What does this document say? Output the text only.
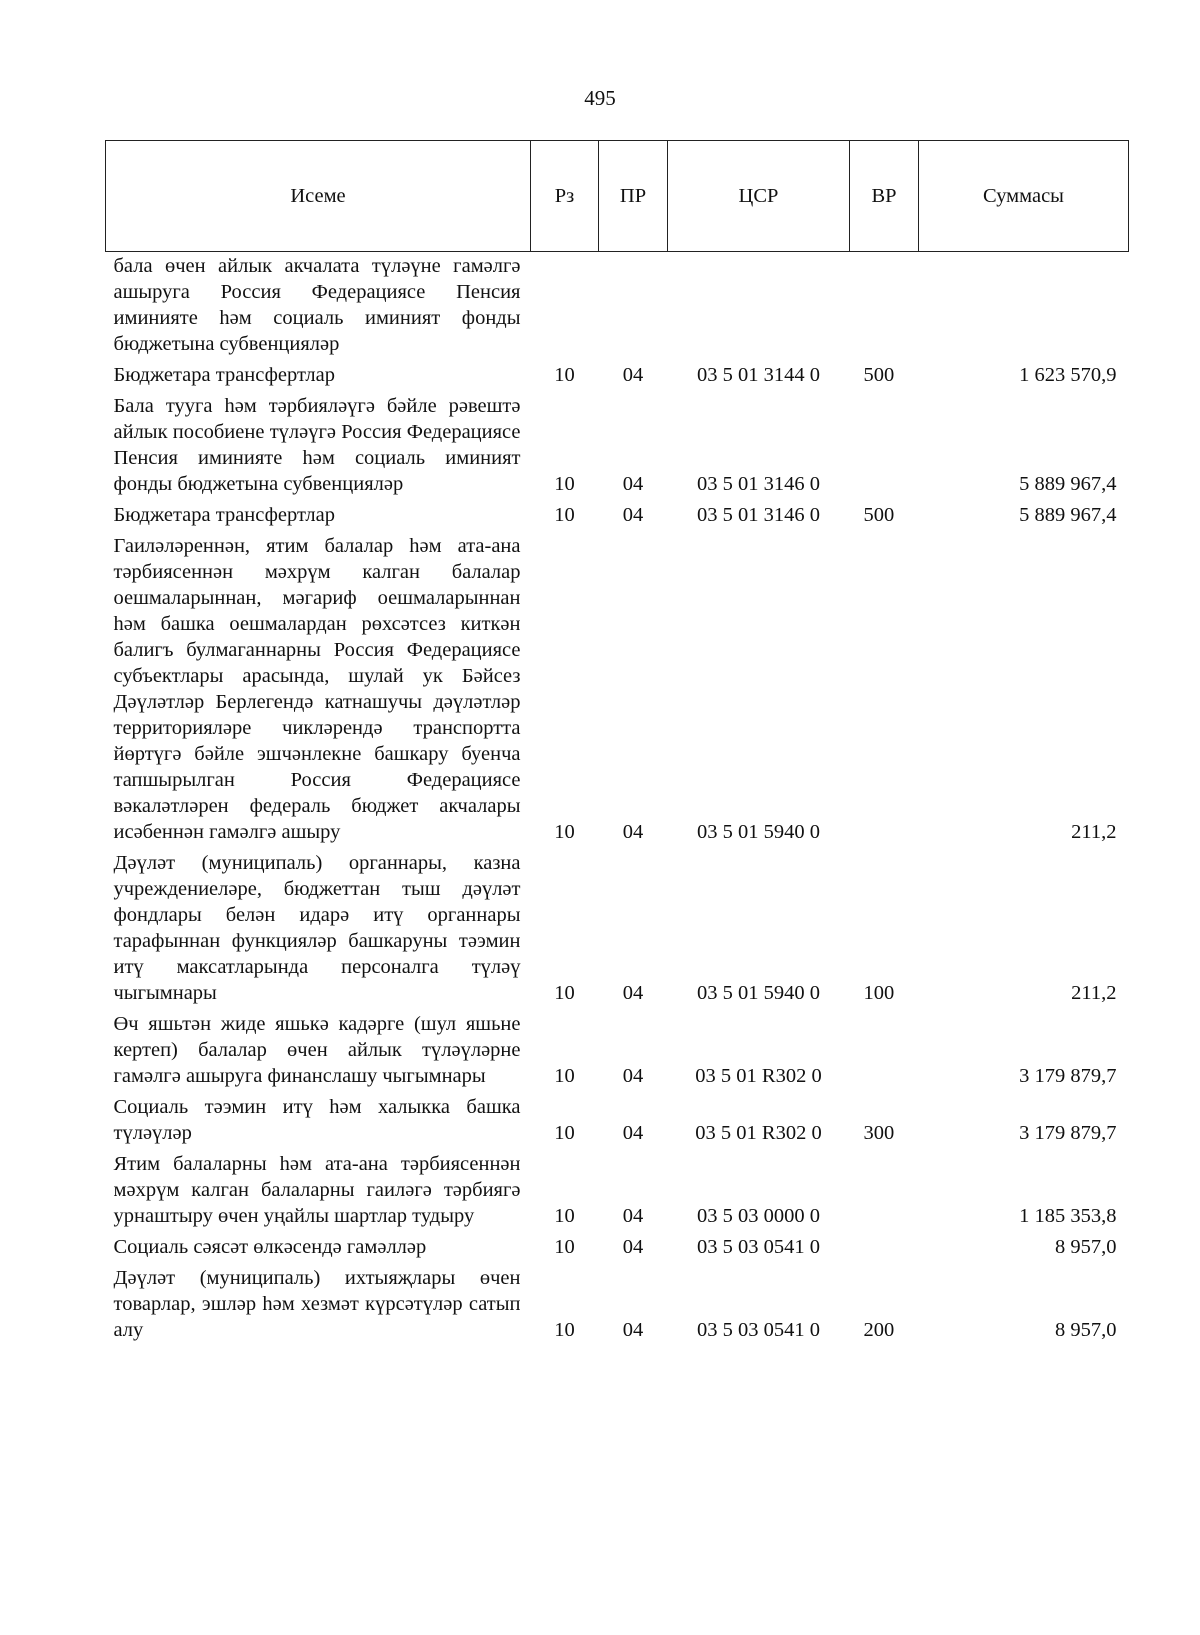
495
Исеме	Рз	ПР	ЦСР	ВР	Суммасы
бала өчен айлык акчалата түләүне гамәлгә ашыруга Россия Федерациясе Пенсия иминияте һәм социаль иминият фонды бюджетына субвенцияләр					
Бюджетара трансфертлар	10	04	03 5 01 3144 0	500	1 623 570,9
Бала тууга һәм тәрбияләүгә бәйле рәвештә айлык пособиене түләүгә Россия Федерациясе Пенсия иминияте һәм социаль иминият фонды бюджетына субвенцияләр	10	04	03 5 01 3146 0		5 889 967,4
Бюджетара трансфертлар	10	04	03 5 01 3146 0	500	5 889 967,4
Гаиләләреннән, ятим балалар һәм ата-ана тәрбиясеннән мәхрүм калган балалар оешмаларыннан, мәгариф оешмаларыннан һәм башка оешмалардан рөхсәтсез киткән балигъ булмаганнарны Россия Федерациясе субъектлары арасында, шулай ук Бәйсез Дәүләтләр Берлегендә катнашучы дәүләтләр территорияләре чикләрендә транспортта йөртүгә бәйле эшчәнлекне башкару буенча тапшырылган Россия Федерациясе вәкаләтләрен федераль бюджет акчалары исәбеннән гамәлгә ашыру	10	04	03 5 01 5940 0		211,2
Дәүләт (муниципаль) органнары, казна учреждениеләре, бюджеттан тыш дәүләт фондлары белән идарә итү органнары тарафыннан функцияләр башкаруны тәэмин итү максатларында персоналга түләү чыгымнары	10	04	03 5 01 5940 0	100	211,2
Өч яшьтән жиде яшькә кадәрге (шул яшьне кертеп) балалар өчен айлык түләүләрне гамәлгә ашыруга финанслашу чыгымнары	10	04	03 5 01 R302 0		3 179 879,7
Социаль тәэмин итү һәм халыкка башка түләүләр	10	04	03 5 01 R302 0	300	3 179 879,7
Ятим балаларны һәм ата-ана тәрбиясеннән мәхрүм калган балаларны гаиләгә тәрбиягә урнаштыру өчен уңайлы шартлар тудыру	10	04	03 5 03 0000 0		1 185 353,8
Социаль сәясәт өлкәсендә гамәлләр	10	04	03 5 03 0541 0		8 957,0
Дәүләт (муниципаль) ихтыяҗлары өчен товарлар, эшләр һәм хезмәт күрсәтүләр сатып алу	10	04	03 5 03 0541 0	200	8 957,0
